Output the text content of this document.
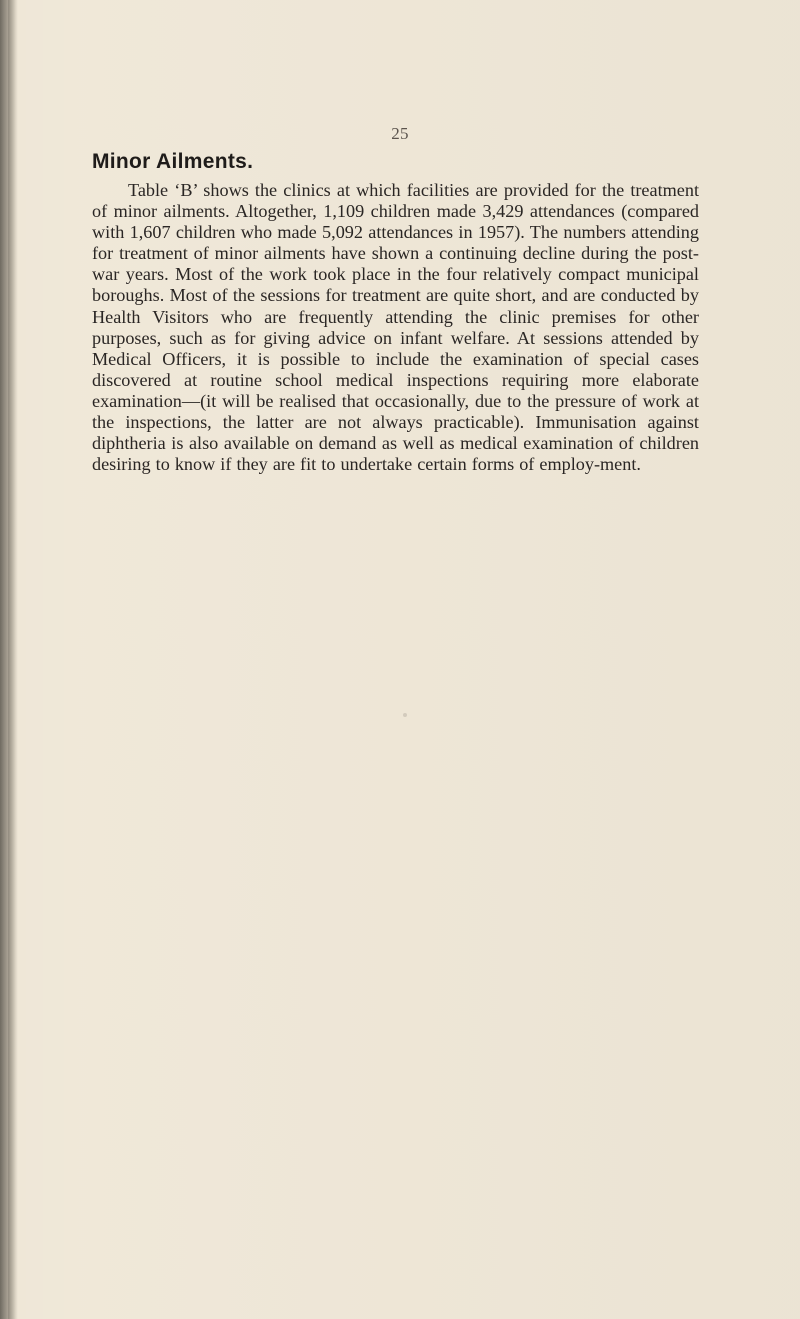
25
Minor Ailments.

Table ‘B’ shows the clinics at which facilities are provided for the treatment of minor ailments. Altogether, 1,109 children made 3,429 attendances (compared with 1,607 children who made 5,092 attendances in 1957). The numbers attending for treatment of minor ailments have shown a continuing decline during the post-war years. Most of the work took place in the four relatively compact municipal boroughs. Most of the sessions for treatment are quite short, and are conducted by Health Visitors who are frequently attending the clinic premises for other purposes, such as for giving advice on infant welfare. At sessions attended by Medical Officers, it is possible to include the examination of special cases discovered at routine school medical inspections requiring more elaborate examination—(it will be realised that occasionally, due to the pressure of work at the inspections, the latter are not always practicable). Immunisation against diphtheria is also available on demand as well as medical examination of children desiring to know if they are fit to undertake certain forms of employ-ment.
